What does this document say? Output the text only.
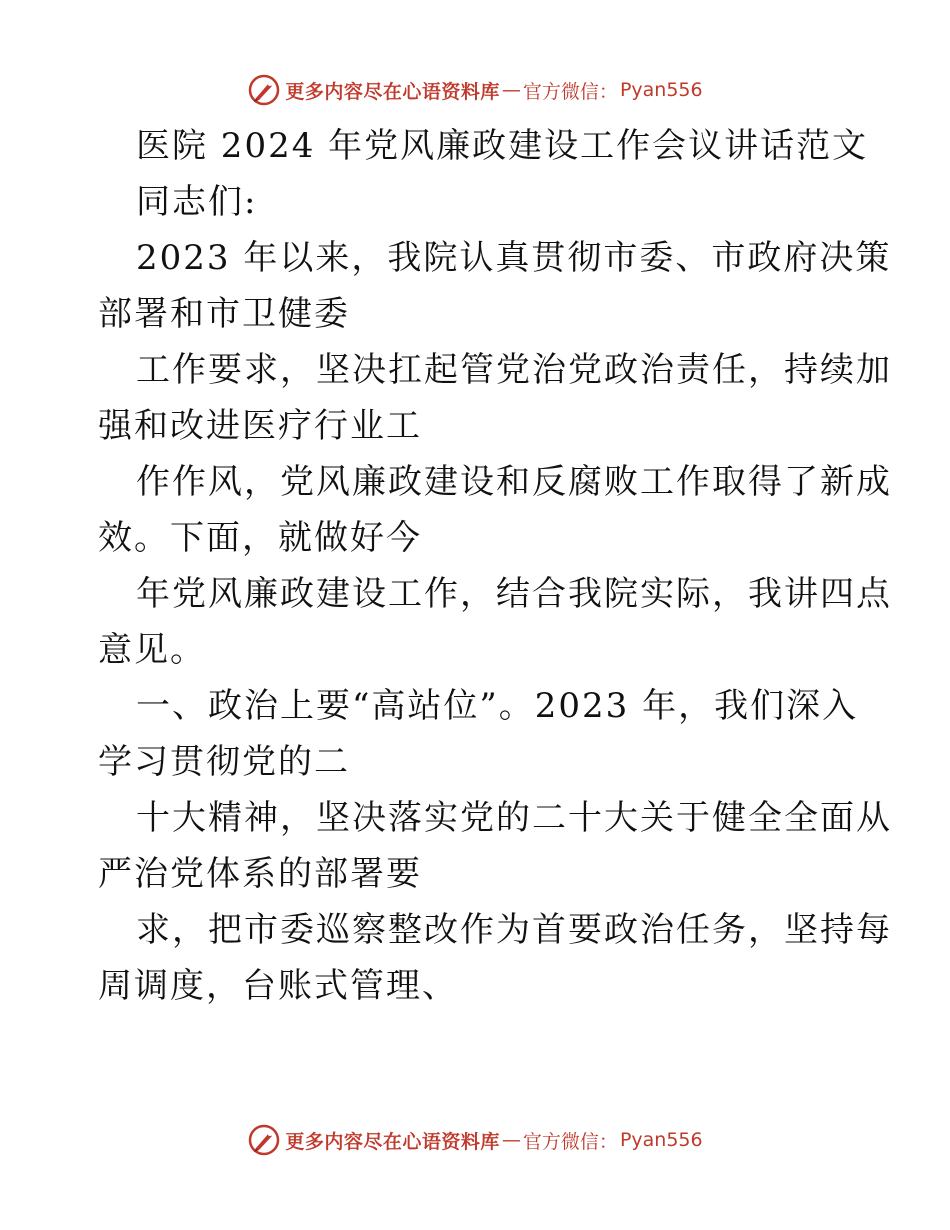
更多内容尽在心语资料库 — 官方微信： Pyan556
医院 2024 年党风廉政建设工作会议讲话范文
同志们:
2023 年以来，我院认真贯彻市委、市政府决策
部署和市卫健委
工作要求，坚决扛起管党治党政治责任，持续加
强和改进医疗行业工
作作风，党风廉政建设和反腐败工作取得了新成
效。下面，就做好今
年党风廉政建设工作，结合我院实际，我讲四点
意见。
一、政治上要“高站位”。2023 年，我们深入
学习贯彻党的二
十大精神，坚决落实党的二十大关于健全全面从
严治党体系的部署要
求，把市委巡察整改作为首要政治任务，坚持每
周调度，台账式管理、
更多内容尽在心语资料库 — 官方微信： Pyan556
